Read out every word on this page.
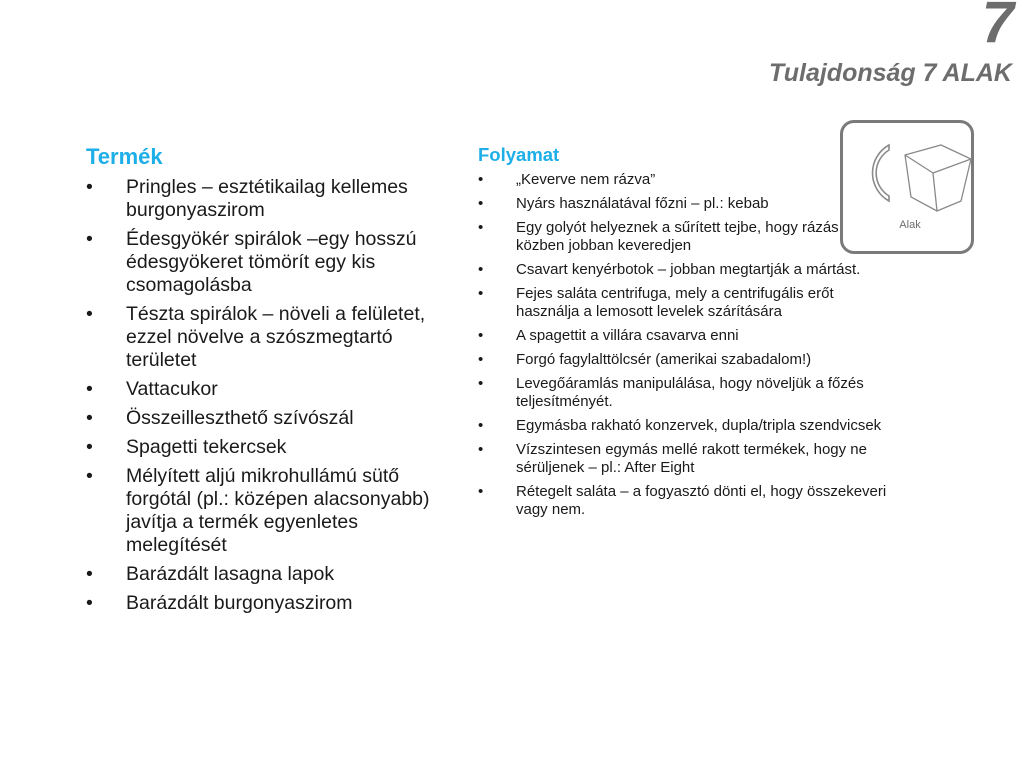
7
Tulajdonság 7 ALAK
Alak
Termék
•	Pringles – esztétikailag kellemes burgonyaszirom
•	Édesgyökér spirálok –egy hosszú édesgyökeret tömörít egy kis csomagolásba
•	Tészta spirálok – növeli a felületet, ezzel növelve a szószmegtartó területet
•	Vattacukor
•	Összeilleszthető szívószál
•	Spagetti tekercsek
•	Mélyített aljú mikrohullámú sütő forgótál (pl.: középen alacsonyabb) javítja a termék egyenletes melegítését
•	Barázdált lasagna lapok
•	Barázdált burgonyaszirom
Folyamat
•	„Keverve nem rázva”
•	Nyárs használatával főzni – pl.: kebab
•	Egy golyót helyeznek a sűrített tejbe, hogy rázás közben jobban keveredjen
•	Csavart kenyérbotok – jobban megtartják a mártást.
•	Fejes saláta centrifuga, mely a centrifugális erőt használja a lemosott levelek szárítására
•	A spagettit a villára csavarva enni
•	Forgó fagylalttölcsér (amerikai szabadalom!)
•	Levegőáramlás manipulálása, hogy növeljük a főzés teljesítményét.
•	Egymásba rakható konzervek, dupla/tripla szendvicsek
•	Vízszintesen egymás mellé rakott termékek, hogy ne sérüljenek – pl.: After Eight
•	Rétegelt saláta – a fogyasztó dönti el, hogy összekeveri vagy nem.
